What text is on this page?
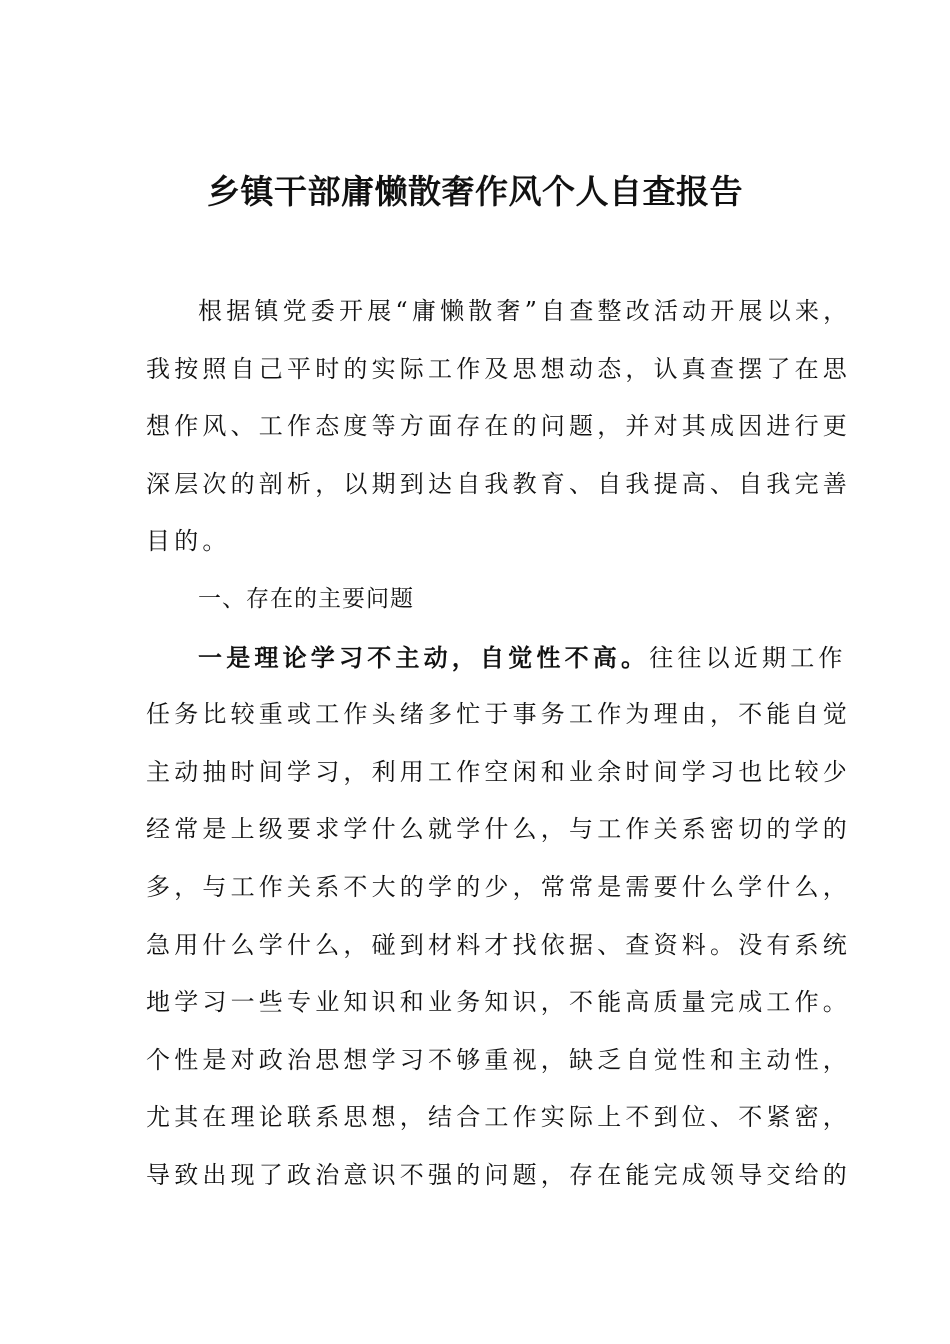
乡镇干部庸懒散奢作风个人自查报告
根据镇党委开展“庸懒散奢”自查整改活动开展以来，
我按照自己平时的实际工作及思想动态，认真查摆了在思
想作风、工作态度等方面存在的问题，并对其成因进行更
深层次的剖析，以期到达自我教育、自我提高、自我完善
目的。
一、存在的主要问题
一是理论学习不主动，自觉性不高。往往以近期工作
任务比较重或工作头绪多忙于事务工作为理由，不能自觉
主动抽时间学习，利用工作空闲和业余时间学习也比较少
经常是上级要求学什么就学什么，与工作关系密切的学的
多，与工作关系不大的学的少，常常是需要什么学什么，
急用什么学什么，碰到材料才找依据、查资料。没有系统
地学习一些专业知识和业务知识，不能高质量完成工作。
个性是对政治思想学习不够重视，缺乏自觉性和主动性，
尤其在理论联系思想，结合工作实际上不到位、不紧密，
导致出现了政治意识不强的问题，存在能完成领导交给的
